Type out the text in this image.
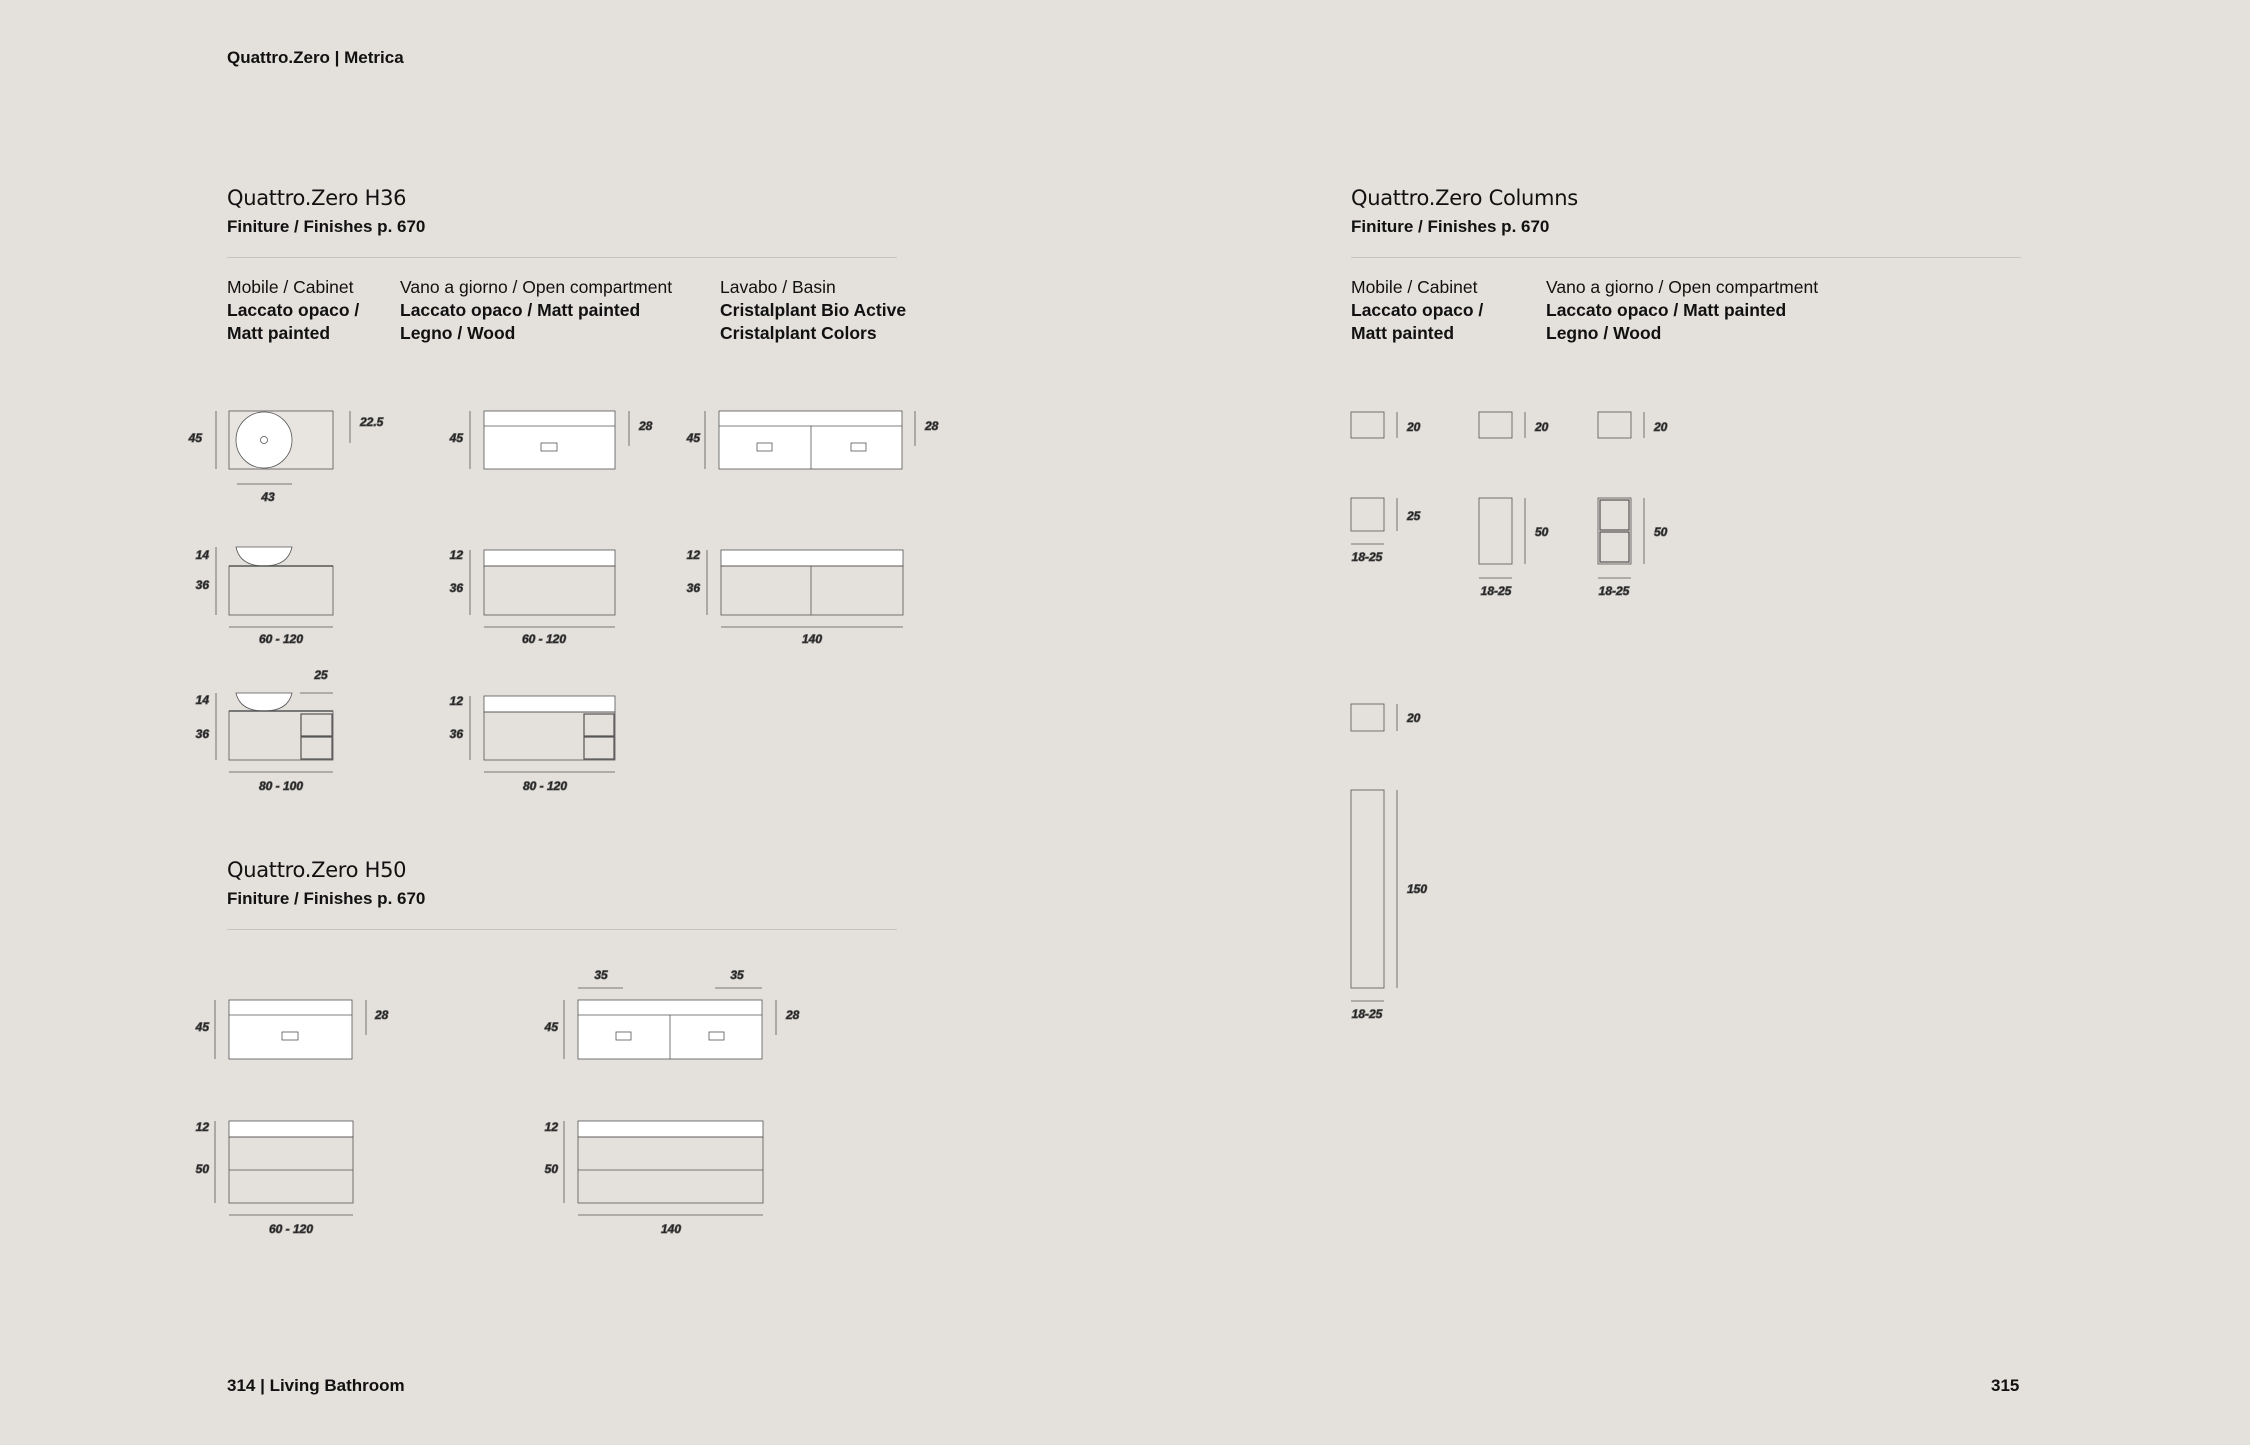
Quattro.Zero | Metrica
Quattro.Zero H36
Finiture / Finishes p. 670
Mobile / Cabinet
Laccato opaco /
Matt painted
Vano a giorno / Open compartment
Laccato opaco / Matt painted
Legno / Wood
Lavabo / Basin
Cristalplant Bio Active
Cristalplant Colors
Quattro.Zero H50
Finiture / Finishes p. 670
Quattro.Zero Columns
Finiture / Finishes p. 670
Mobile / Cabinet
Laccato opaco /
Matt painted
Vano a giorno / Open compartment
Laccato opaco / Matt painted
Legno / Wood
45
22.5
43
45
28
45
28
14
36
60 - 120
12
36
60 - 120
12
36
140
25
14
36
80 - 100
12
36
80 - 120
45
28
35	35
45
28
12
50
60 - 120
12
50
140
20	20	20
25
18-25
50
18-25
50
18-25
20
150
18-25
314 | Living Bathroom	315
